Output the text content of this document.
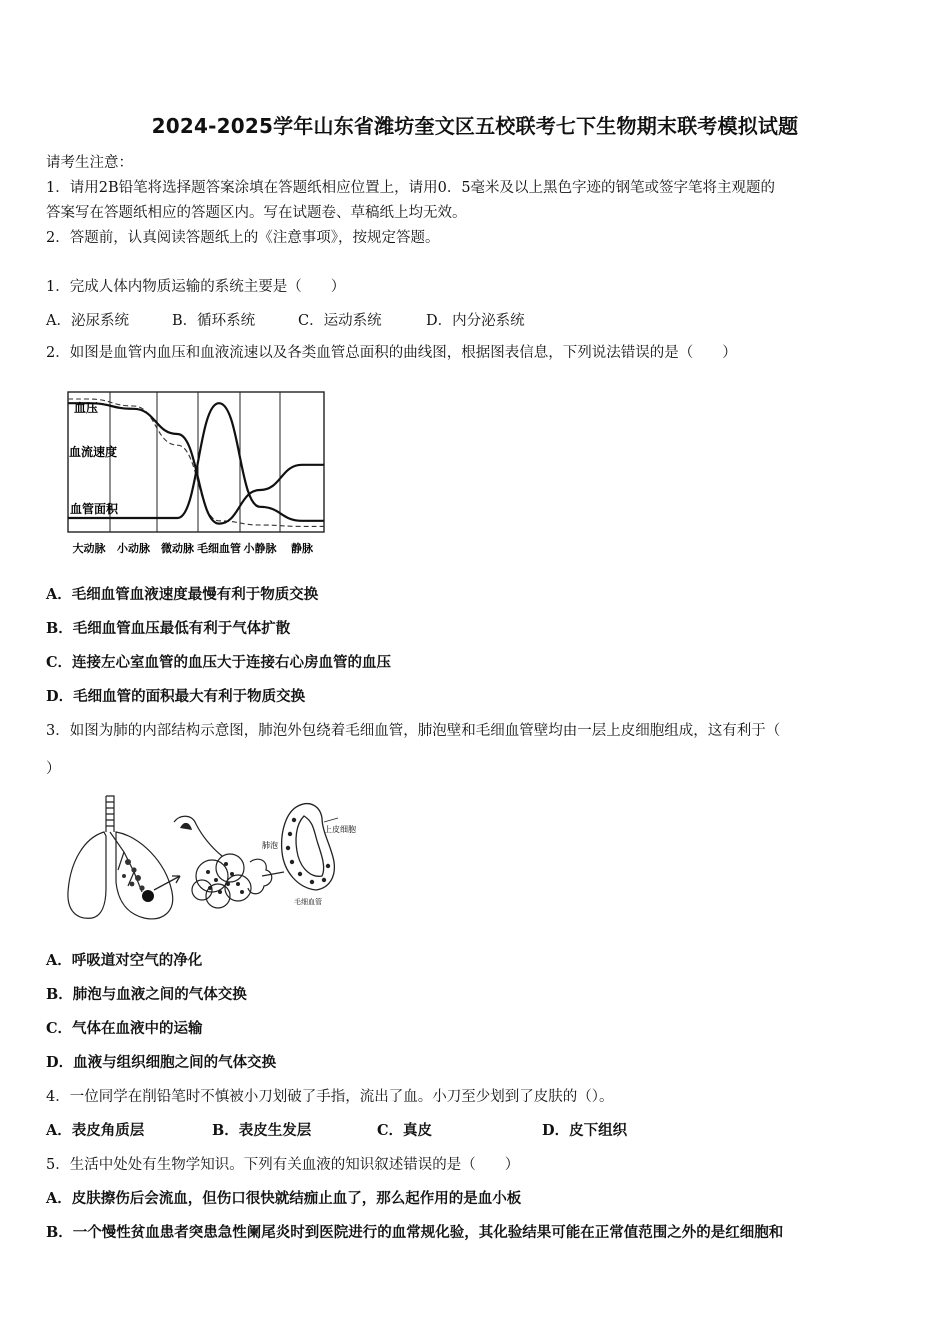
2024-2025学年山东省潍坊奎文区五校联考七下生物期末联考模拟试题
请考生注意：
1．请用2B铅笔将选择题答案涂填在答题纸相应位置上，请用0．5毫米及以上黑色字迹的钢笔或签字笔将主观题的
答案写在答题纸相应的答题区内。写在试题卷、草稿纸上均无效。
2．答题前，认真阅读答题纸上的《注意事项》，按规定答题。
1．完成人体内物质运输的系统主要是（　　）
A．泌尿系统	B．循环系统	C．运动系统	D．内分泌系统
2．如图是血管内血压和血液流速以及各类血管总面积的曲线图，根据图表信息，下列说法错误的是（　　）
血压
血流速度
血管面积
大动脉 小动脉 微动脉 毛细血管 小静脉 静脉
A．毛细血管血液速度最慢有利于物质交换
B．毛细血管血压最低有利于气体扩散
C．连接左心室血管的血压大于连接右心房血管的血压
D．毛细血管的面积最大有利于物质交换
3．如图为肺的内部结构示意图，肺泡外包绕着毛细血管，肺泡壁和毛细血管壁均由一层上皮细胞组成，这有利于（
）
上皮细胞
肺泡
毛细血管
A．呼吸道对空气的净化
B．肺泡与血液之间的气体交换
C．气体在血液中的运输
D．血液与组织细胞之间的气体交换
4．一位同学在削铅笔时不慎被小刀划破了手指，流出了血。小刀至少划到了皮肤的（）。
A．表皮角质层	B．表皮生发层	C．真皮	D．皮下组织
5．生活中处处有生物学知识。下列有关血液的知识叙述错误的是（　　）
A．皮肤擦伤后会流血，但伤口很快就结痂止血了，那么起作用的是血小板
B．一个慢性贫血患者突患急性阑尾炎时到医院进行的血常规化验，其化验结果可能在正常值范围之外的是红细胞和
